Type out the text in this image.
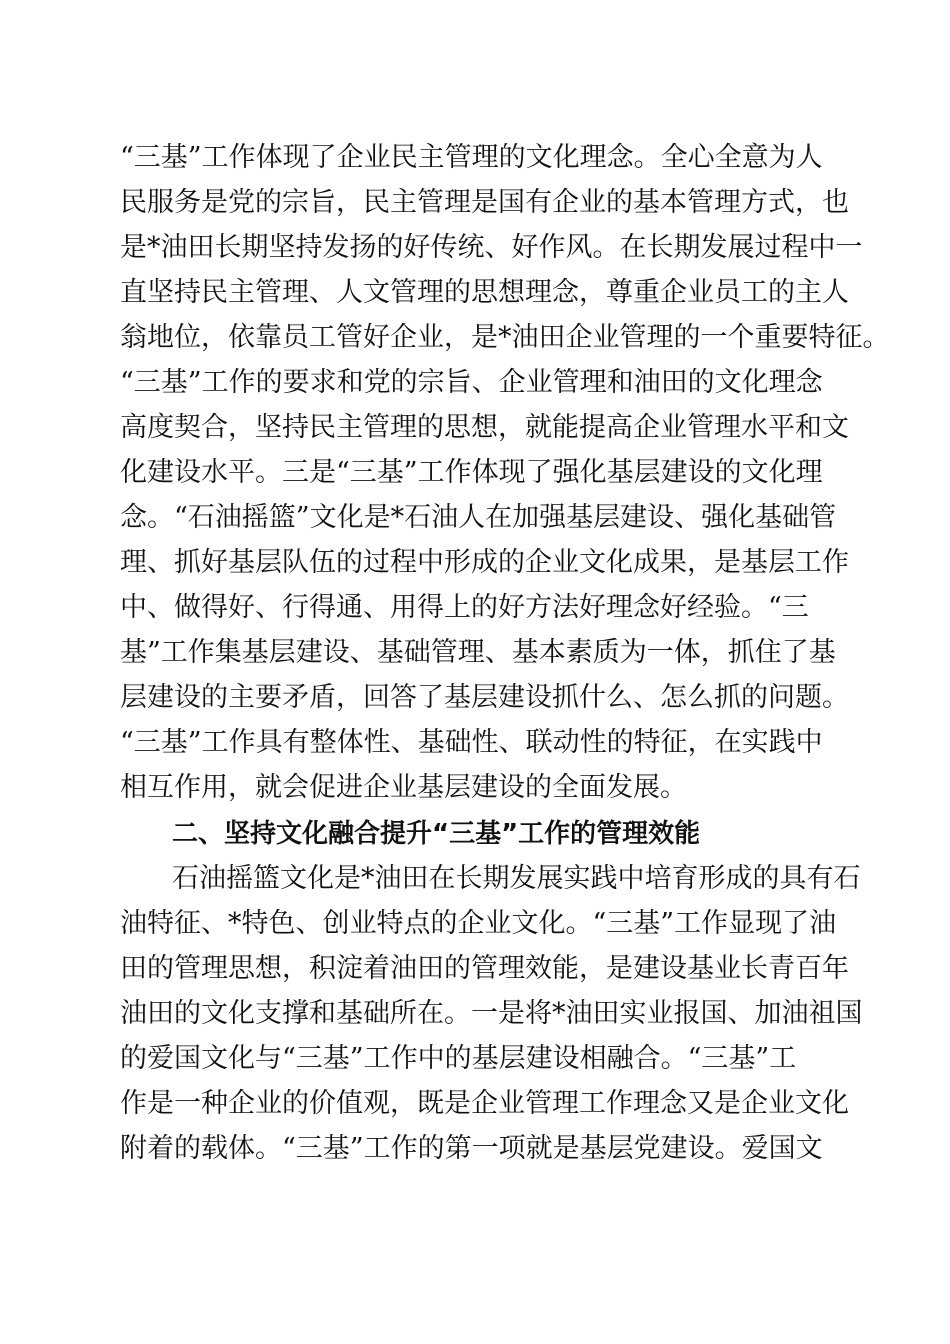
“三基”工作体现了企业民主管理的文化理念。全心全意为人
民服务是党的宗旨，民主管理是国有企业的基本管理方式，也
是*油田长期坚持发扬的好传统、好作风。在长期发展过程中一
直坚持民主管理、人文管理的思想理念，尊重企业员工的主人
翁地位，依靠员工管好企业，是*油田企业管理的一个重要特征。
“三基”工作的要求和党的宗旨、企业管理和油田的文化理念
高度契合，坚持民主管理的思想，就能提高企业管理水平和文
化建设水平。三是“三基”工作体现了强化基层建设的文化理
念。“石油摇篮”文化是*石油人在加强基层建设、强化基础管
理、抓好基层队伍的过程中形成的企业文化成果，是基层工作
中、做得好、行得通、用得上的好方法好理念好经验。“三
基”工作集基层建设、基础管理、基本素质为一体，抓住了基
层建设的主要矛盾，回答了基层建设抓什么、怎么抓的问题。
“三基”工作具有整体性、基础性、联动性的特征，在实践中
相互作用，就会促进企业基层建设的全面发展。
二、坚持文化融合提升“三基”工作的管理效能
石油摇篮文化是*油田在长期发展实践中培育形成的具有石
油特征、*特色、创业特点的企业文化。“三基”工作显现了油
田的管理思想，积淀着油田的管理效能，是建设基业长青百年
油田的文化支撑和基础所在。一是将*油田实业报国、加油祖国
的爱国文化与“三基”工作中的基层建设相融合。“三基”工
作是一种企业的价值观，既是企业管理工作理念又是企业文化
附着的载体。“三基”工作的第一项就是基层党建设。爱国文
